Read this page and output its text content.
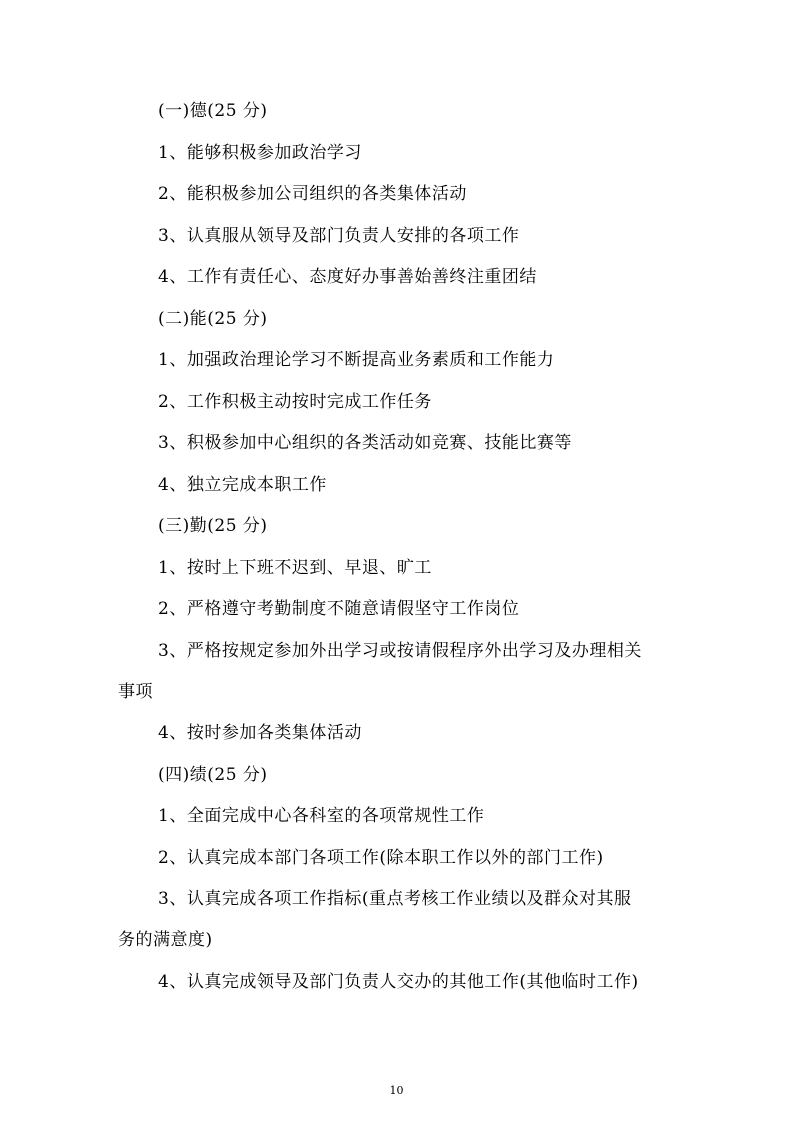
(一)德(25 分)
1、能够积极参加政治学习
2、能积极参加公司组织的各类集体活动
3、认真服从领导及部门负责人安排的各项工作
4、工作有责任心、态度好办事善始善终注重团结
(二)能(25 分)
1、加强政治理论学习不断提高业务素质和工作能力
2、工作积极主动按时完成工作任务
3、积极参加中心组织的各类活动如竞赛、技能比赛等
4、独立完成本职工作
(三)勤(25 分)
1、按时上下班不迟到、早退、旷工
2、严格遵守考勤制度不随意请假坚守工作岗位
3、严格按规定参加外出学习或按请假程序外出学习及办理相关
事项
4、按时参加各类集体活动
(四)绩(25 分)
1、全面完成中心各科室的各项常规性工作
2、认真完成本部门各项工作(除本职工作以外的部门工作)
3、认真完成各项工作指标(重点考核工作业绩以及群众对其服
务的满意度)
4、认真完成领导及部门负责人交办的其他工作(其他临时工作)
10
